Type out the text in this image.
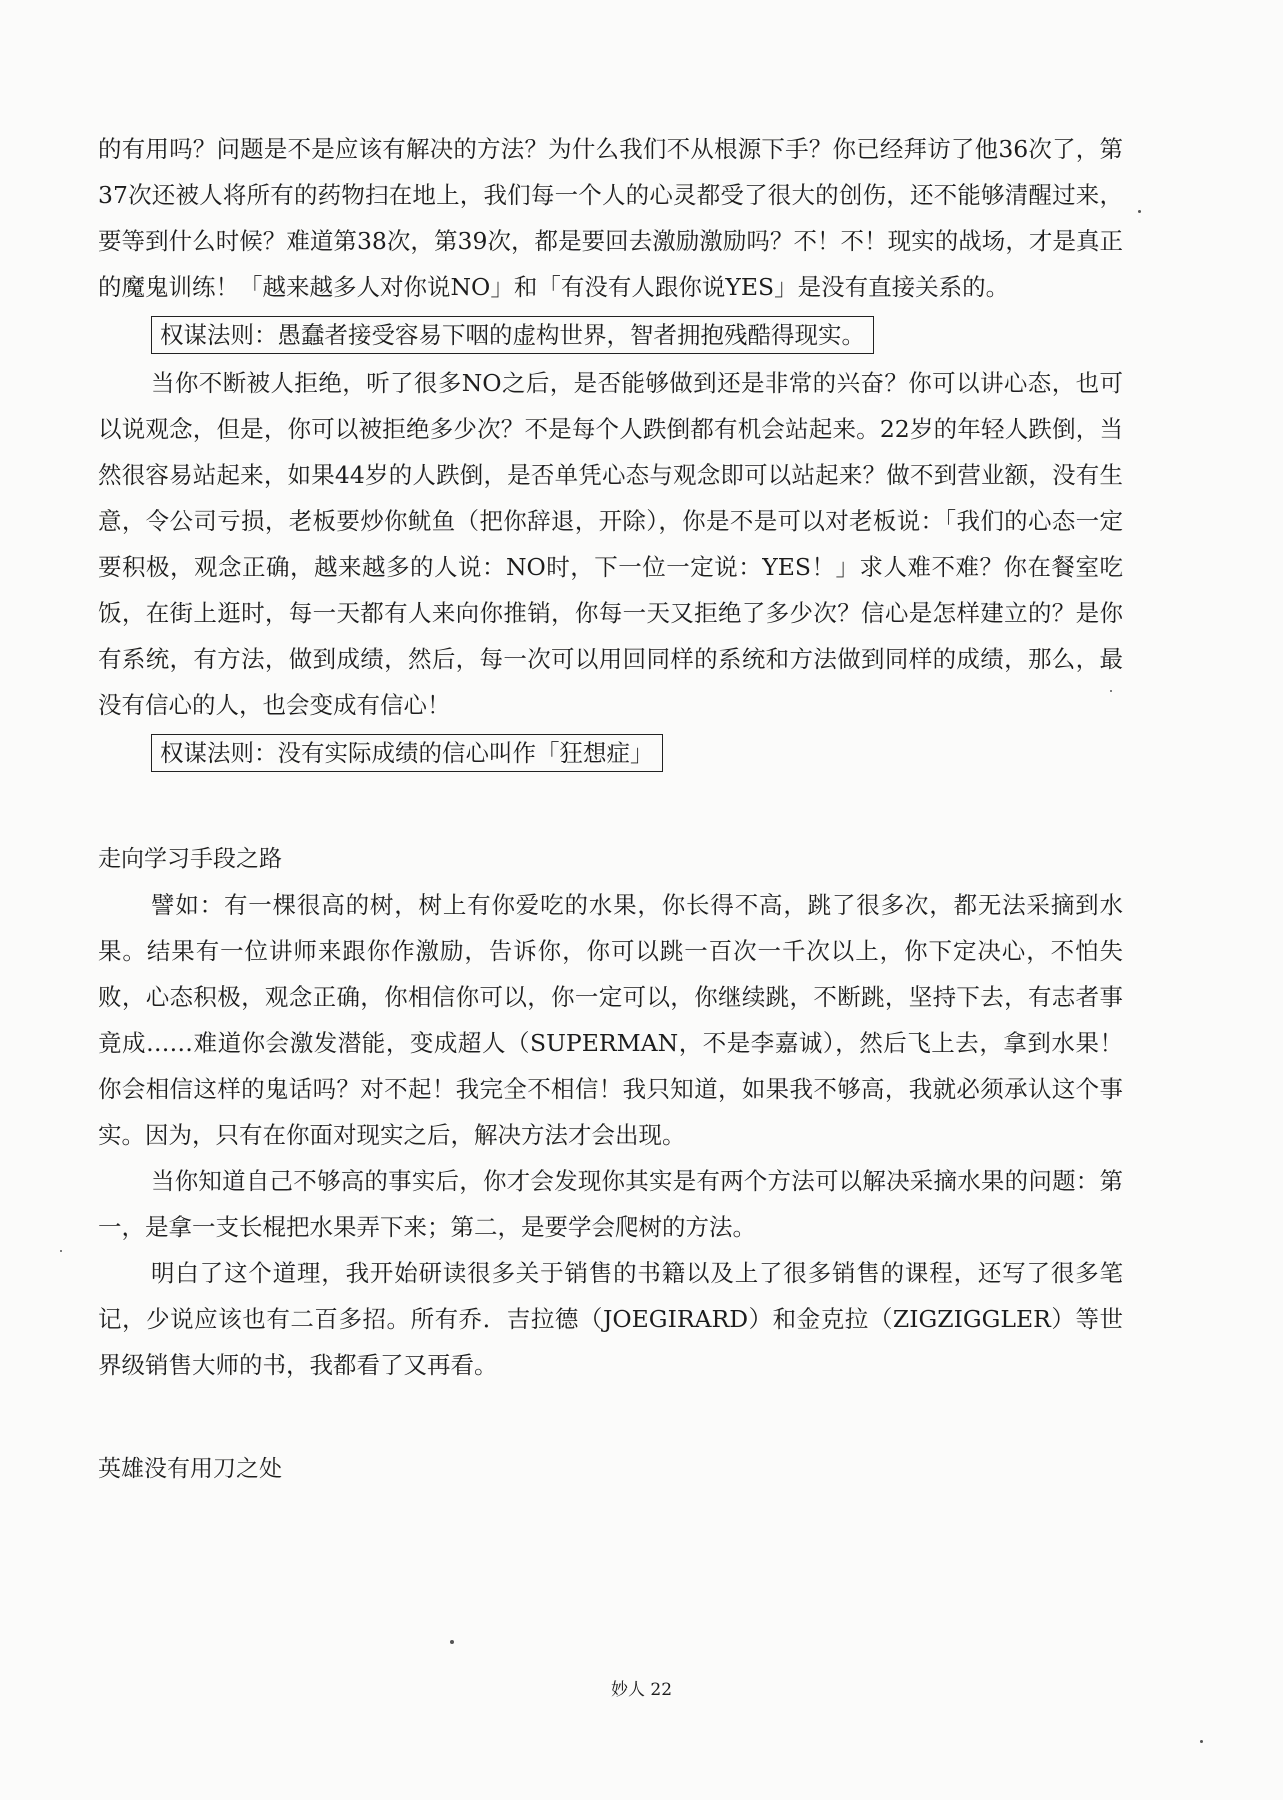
的有用吗？问题是不是应该有解决的方法？为什么我们不从根源下手？你已经拜访了他36次了，第37次还被人将所有的药物扫在地上，我们每一个人的心灵都受了很大的创伤，还不能够清醒过来，要等到什么时候？难道第38次，第39次，都是要回去激励激励吗？不！不！现实的战场，才是真正的魔鬼训练！「越来越多人对你说NO」和「有没有人跟你说YES」是没有直接关系的。

权谋法则：愚蠢者接受容易下咽的虚构世界，智者拥抱残酷得现实。

当你不断被人拒绝，听了很多NO之后，是否能够做到还是非常的兴奋？你可以讲心态，也可以说观念，但是，你可以被拒绝多少次？不是每个人跌倒都有机会站起来。22岁的年轻人跌倒，当然很容易站起来，如果44岁的人跌倒，是否单凭心态与观念即可以站起来？做不到营业额，没有生意，令公司亏损，老板要炒你鱿鱼（把你辞退，开除），你是不是可以对老板说：「我们的心态一定要积极，观念正确，越来越多的人说：NO时，下一位一定说：YES！」求人难不难？你在餐室吃饭，在街上逛时，每一天都有人来向你推销，你每一天又拒绝了多少次？信心是怎样建立的？是你有系统，有方法，做到成绩，然后，每一次可以用回同样的系统和方法做到同样的成绩，那么，最没有信心的人，也会变成有信心！

权谋法则：没有实际成绩的信心叫作「狂想症」

走向学习手段之路

譬如：有一棵很高的树，树上有你爱吃的水果，你长得不高，跳了很多次，都无法采摘到水果。结果有一位讲师来跟你作激励，告诉你，你可以跳一百次一千次以上，你下定决心，不怕失败，心态积极，观念正确，你相信你可以，你一定可以，你继续跳，不断跳，坚持下去，有志者事竟成……难道你会激发潜能，变成超人（SUPERMAN，不是李嘉诚），然后飞上去，拿到水果！你会相信这样的鬼话吗？对不起！我完全不相信！我只知道，如果我不够高，我就必须承认这个事实。因为，只有在你面对现实之后，解决方法才会出现。

当你知道自己不够高的事实后，你才会发现你其实是有两个方法可以解决采摘水果的问题：第一，是拿一支长棍把水果弄下来；第二，是要学会爬树的方法。

明白了这个道理，我开始研读很多关于销售的书籍以及上了很多销售的课程，还写了很多笔记，少说应该也有二百多招。所有乔．吉拉德（JOEGIRARD）和金克拉（ZIGZIGGLER）等世界级销售大师的书，我都看了又再看。

英雄没有用刀之处

妙人 22
